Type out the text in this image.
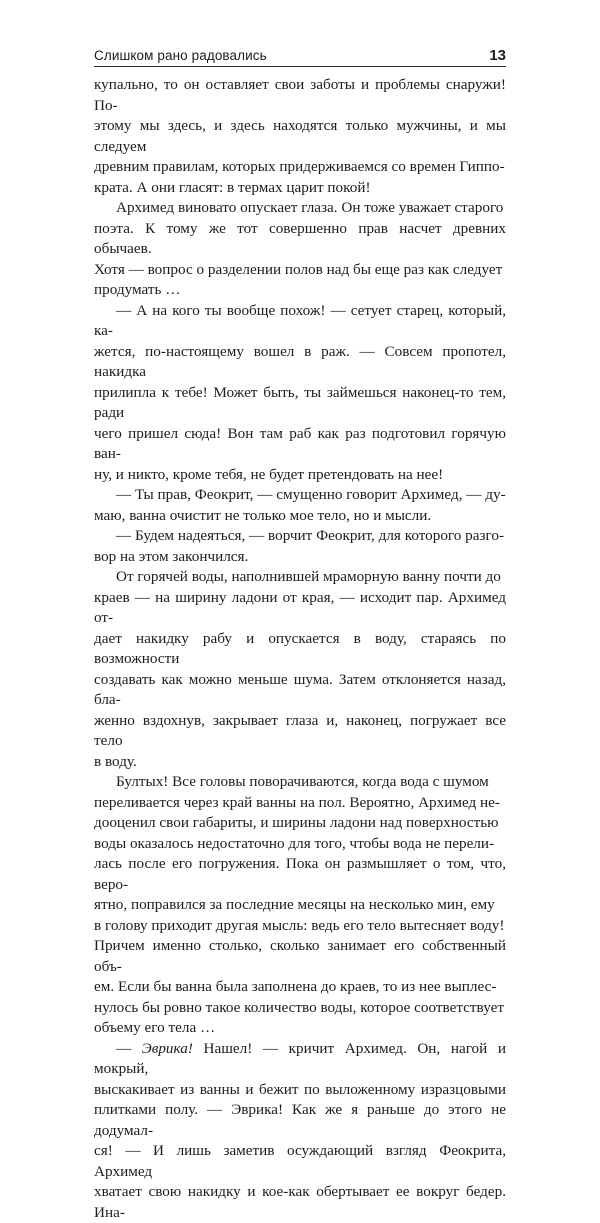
Слишком рано радовались	13

купально, то он оставляет свои заботы и проблемы снаружи! По-
этому мы здесь, и здесь находятся только мужчины, и мы следуем
древним правилам, которых придерживаемся со времен Гиппо-
крата. А они гласят: в термах царит покой!

Архимед виновато опускает глаза. Он тоже уважает старого
поэта. К тому же тот совершенно прав насчет древних обычаев.
Хотя — вопрос о разделении полов над бы еще раз как следует
продумать …

— А на кого ты вообще похож! — сетует старец, который, ка-
жется, по-настоящему вошел в раж. — Совсем пропотел, накидка
прилипла к тебе! Может быть, ты займешься наконец-то тем, ради
чего пришел сюда! Вон там раб как раз подготовил горячую ван-
ну, и никто, кроме тебя, не будет претендовать на нее!

— Ты прав, Феокрит, — смущенно говорит Архимед, — ду-
маю, ванна очистит не только мое тело, но и мысли.

— Будем надеяться, — ворчит Феокрит, для которого разго-
вор на этом закончился.

От горячей воды, наполнившей мраморную ванну почти до
краев — на ширину ладони от края, — исходит пар. Архимед от-
дает накидку рабу и опускается в воду, стараясь по возможности
создавать как можно меньше шума. Затем отклоняется назад, бла-
женно вздохнув, закрывает глаза и, наконец, погружает все тело
в воду.

Бултых! Все головы поворачиваются, когда вода с шумом
переливается через край ванны на пол. Вероятно, Архимед не-
дооценил свои габариты, и ширины ладони над поверхностью
воды оказалось недостаточно для того, чтобы вода не перели-
лась после его погружения. Пока он размышляет о том, что, веро-
ятно, поправился за последние месяцы на несколько мин, ему
в голову приходит другая мысль: ведь его тело вытесняет воду!
Причем именно столько, сколько занимает его собственный объ-
ем. Если бы ванна была заполнена до краев, то из нее выплес-
нулось бы ровно такое количество воды, которое соответствует
объему его тела …

— Эврика! Нашел! — кричит Архимед. Он, нагой и мокрый,
выскакивает из ванны и бежит по выложенному изразцовыми
плитками полу. — Эврика! Как же я раньше до этого не додумал-
ся! — И лишь заметив осуждающий взгляд Феокрита, Архимед
хватает свою накидку и кое-как обертывает ее вокруг бедер. Ина-
